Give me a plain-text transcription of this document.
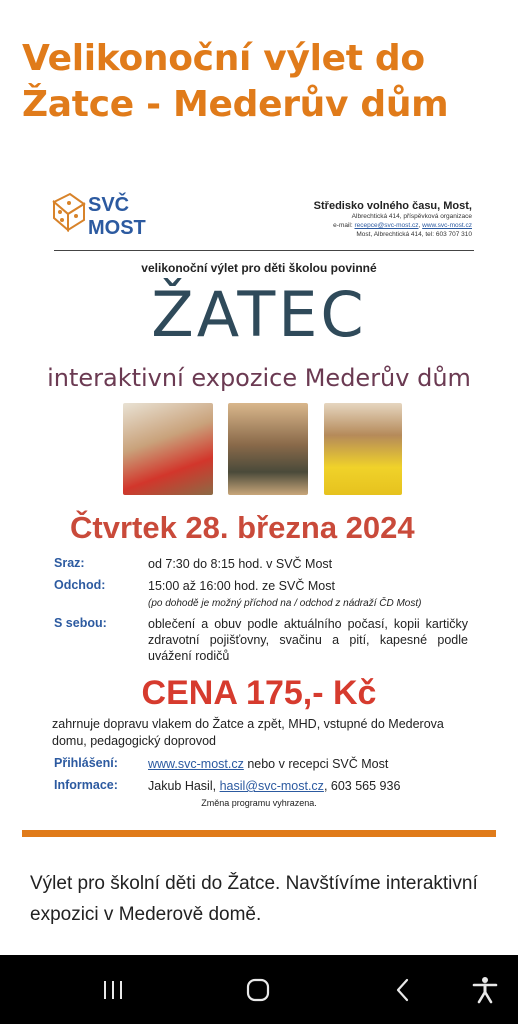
Velikonoční výlet do Žatce - Mederův dům
SVČ MOST
Středisko volného času, Most,
Albrechtická 414, příspěvková organizace
e-mail: recepce@svc-most.cz, www.svc-most.cz
Most, Albrechtická 414, tel: 603 707 310
velikonoční výlet pro děti školou povinné
ŽATEC
interaktivní expozice Mederův dům
Čtvrtek 28. března 2024
Sraz:	od 7:30 do 8:15 hod. v SVČ Most
Odchod:	15:00 až 16:00 hod. ze SVČ Most
(po dohodě je možný příchod na / odchod z nádraží ČD Most)
S sebou:	oblečení a obuv podle aktuálního počasí, kopii kartičky zdravotní pojišťovny, svačinu a pití, kapesné podle uvážení rodičů
CENA 175,- Kč
zahrnuje dopravu vlakem do Žatce a zpět, MHD, vstupné do Mederova domu, pedagogický doprovod
Přihlášení: www.svc-most.cz nebo v recepci SVČ Most
Informace: Jakub Hasil, hasil@svc-most.cz, 603 565 936
Změna programu vyhrazena.
Výlet pro školní děti do Žatce. Navštívíme interaktivní expozici v Mederově domě.
